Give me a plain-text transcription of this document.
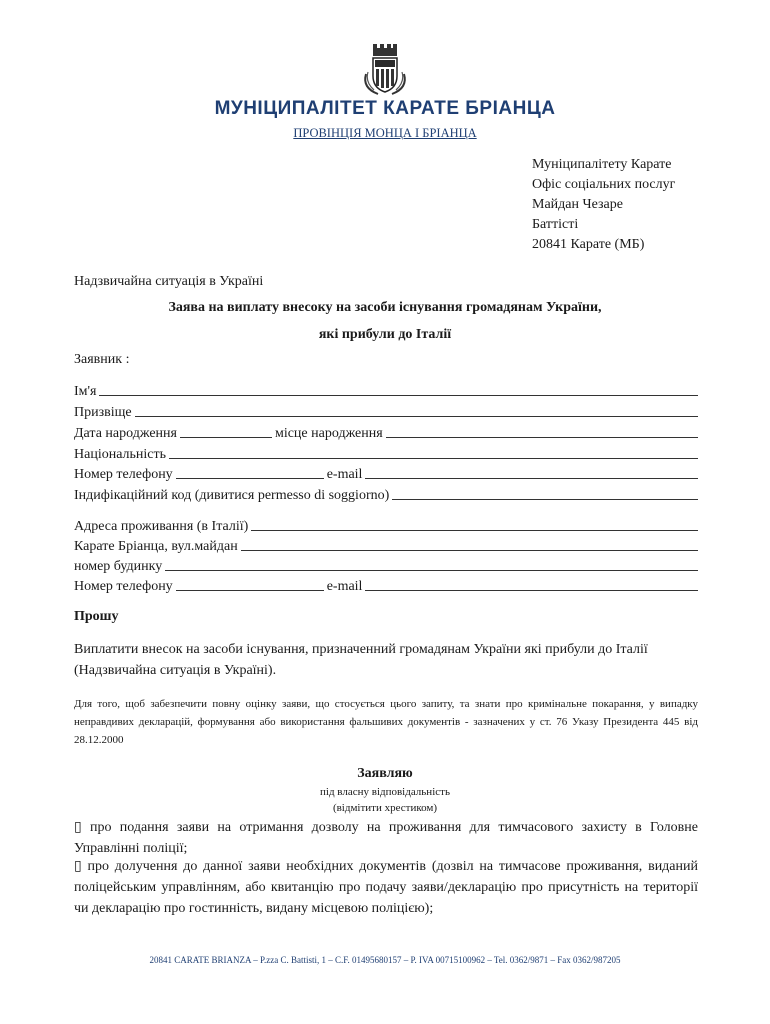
МУНІЦИПАЛІТЕТ КАРАТЕ БРІАНЦА
ПРОВІНЦІЯ МОНЦА І БРІАНЦА
Муніципалітету Карате
Офіс соціальних послуг
Майдан Чезаре
Баттісті
20841 Карате (МБ)
Надзвичайна ситуація в Україні
Заява на виплату внесоку на засоби існування громадянам України,
які прибули до Італії
Заявник :
Ім'я
Призвіще
Дата народження	місце народження
Національність
Номер телефону	e-mail
Індифікаційний код (дивитися permesso di soggiorno)
Адреса проживання (в Італії)
Карате Бріанца, вул.майдан
номер будинку
Номер телефону	e-mail
Прошу
Виплатити внесок на засоби існування, призначенний громадянам України які прибули до Італії (Надзвичайна ситуація в Україні).
Для того, щоб забезпечити повну оцінку заяви, що стосується цього запиту, та знати про кримінальне покарання, у випадку неправдивих декларацій, формування або використання фальшивих документів - зазначених у ст. 76 Указу Президента 445 від 28.12.2000
Заявляю
під власну відповідальність
(відмітити хрестиком)
▯ про подання заяви на отримання дозволу на проживання для тимчасового захисту в Головне Управлінні поліції;
▯ про долучення до данної заяви необхідних документів (дозвіл на тимчасове проживання, виданий поліцейським управлінням, або квитанцію про подачу заяви/декларацію про присутність на території чи декларацію про гостинність, видану місцевою поліцією);
20841 CARATE BRIANZA – P.zza C. Battisti, 1 – C.F. 01495680157 – P. IVA 00715100962 – Tel. 0362/9871 – Fax 0362/987205
